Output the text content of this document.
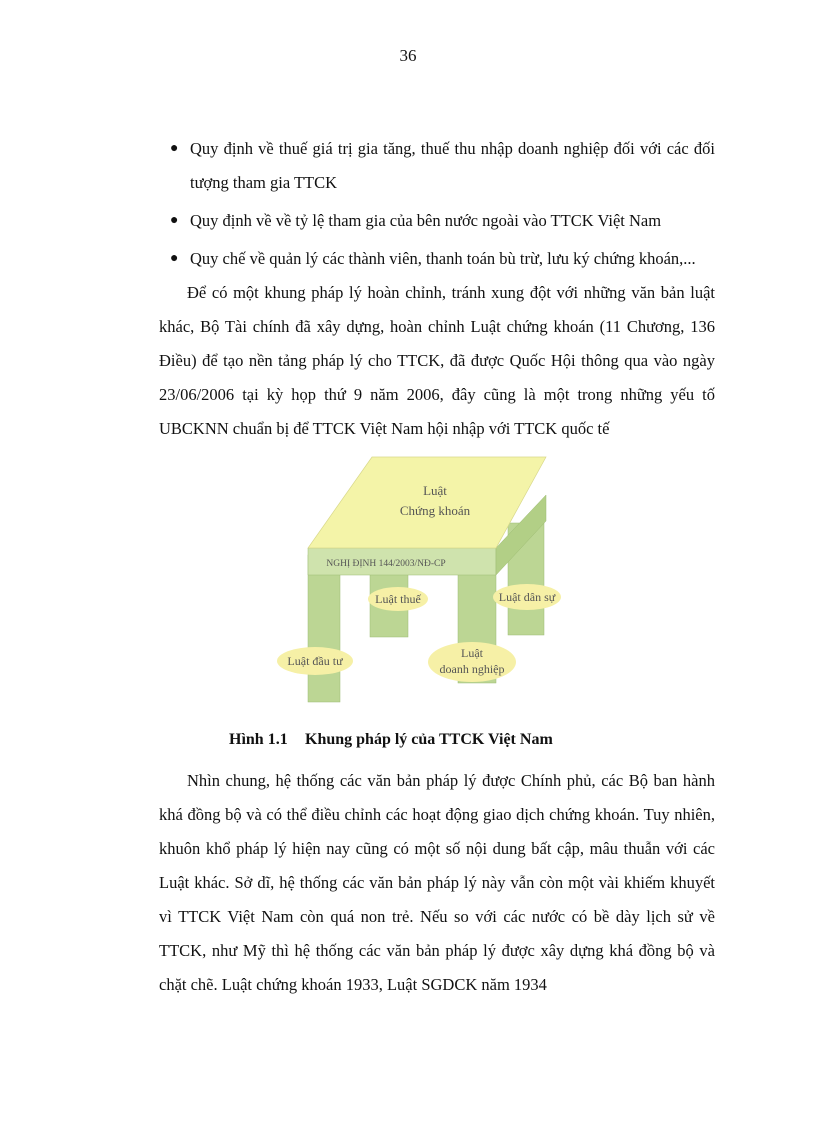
36

● Quy định về thuế giá trị gia tăng, thuế thu nhập doanh nghiệp đối với các đối tượng tham gia TTCK

● Quy định về về tỷ lệ tham gia của bên nước ngoài vào TTCK Việt Nam

● Quy chế về quản lý các thành viên, thanh toán bù trừ, lưu ký chứng khoán,...

Để có một khung pháp lý hoàn chỉnh, tránh xung đột với những văn bản luật khác, Bộ Tài chính đã xây dựng, hoàn chỉnh Luật chứng khoán (11 Chương, 136 Điều) để tạo nền tảng pháp lý cho TTCK, đã được Quốc Hội thông qua vào ngày 23/06/2006 tại kỳ họp thứ 9 năm 2006, đây cũng là một trong những yếu tố UBCKNN chuẩn bị để TTCK Việt Nam hội nhập với TTCK quốc tế

Luật
Chứng khoán
NGHỊ ĐỊNH 144/2003/NĐ-CP
Luật thuế	Luật dân sự
Luật đầu tư
Luật
doanh nghiệp
Hình 1.1 Khung pháp lý của TTCK Việt Nam

Nhìn chung, hệ thống các văn bản pháp lý được Chính phủ, các Bộ ban hành khá đồng bộ và có thể điều chỉnh các hoạt động giao dịch chứng khoán. Tuy nhiên, khuôn khổ pháp lý hiện nay cũng có một số nội dung bất cập, mâu thuẫn với các Luật khác. Sở dĩ, hệ thống các văn bản pháp lý này vẫn còn một vài khiếm khuyết vì TTCK Việt Nam còn quá non trẻ. Nếu so với các nước có bề dày lịch sử về TTCK, như Mỹ thì hệ thống các văn bản pháp lý được xây dựng khá đồng bộ và chặt chẽ. Luật chứng khoán 1933, Luật SGDCK năm 1934
